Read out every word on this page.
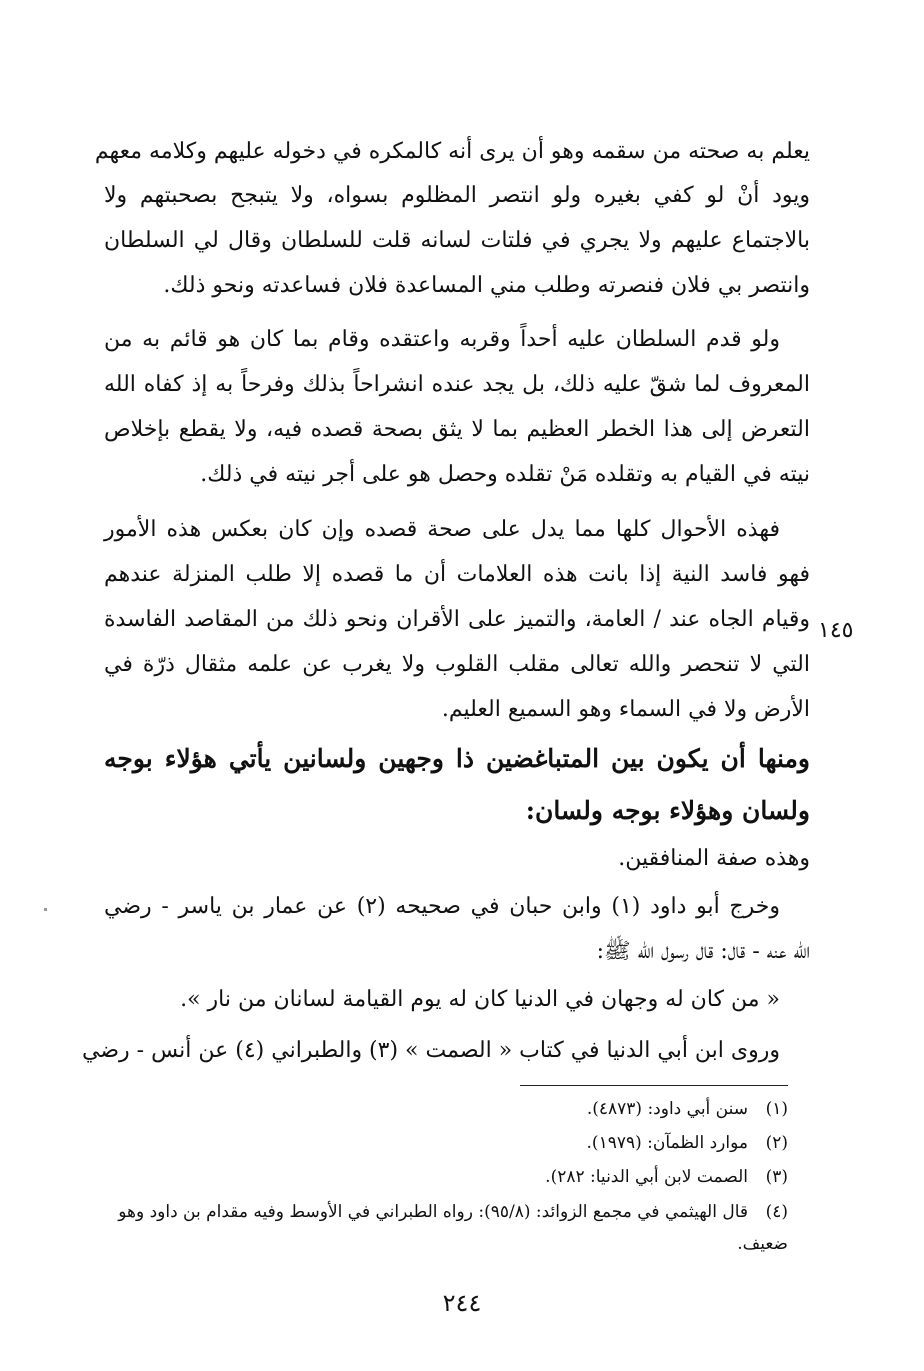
يعلم به صحته من سقمه وهو أن يرى أنه كالمكره في دخوله عليهم وكلامه معهم
ويود أنْ لو كفي بغيره ولو انتصر المظلوم بسواه، ولا يتبجح بصحبتهم ولا
بالاجتماع عليهم ولا يجري في فلتات لسانه قلت للسلطان وقال لي السلطان
وانتصر بي فلان فنصرته وطلب مني المساعدة فلان فساعدته ونحو ذلك.
ولو قدم السلطان عليه أحداً وقربه واعتقده وقام بما كان هو قائم به من
المعروف لما شقّ عليه ذلك، بل يجد عنده انشراحاً بذلك وفرحاً به إذ كفاه الله
التعرض إلى هذا الخطر العظيم بما لا يثق بصحة قصده فيه، ولا يقطع بإخلاص
نيته في القيام به وتقلده مَنْ تقلده وحصل هو على أجر نيته في ذلك.
فهذه الأحوال كلها مما يدل على صحة قصده وإن كان بعكس هذه الأمور
فهو فاسد النية إذا بانت هذه العلامات أن ما قصده إلا طلب المنزلة عندهم
وقيام الجاه عند / العامة، والتميز على الأقران ونحو ذلك من المقاصد الفاسدة
التي لا تنحصر والله تعالى مقلب القلوب ولا يغرب عن علمه مثقال ذرّة في
الأرض ولا في السماء وهو السميع العليم.
١٤٥
ومنها أن يكون بين المتباغضين ذا وجهين ولسانين يأتي هؤلاء بوجه
ولسان وهؤلاء بوجه ولسان:
وهذه صفة المنافقين.
وخرج أبو داود (١) وابن حبان في صحيحه (٢) عن عمار بن ياسر - رضي
الله عنه - قال: قال رسول الله ﷺ:
« من كان له وجهان في الدنيا كان له يوم القيامة لسانان من نار ».
وروى ابن أبي الدنيا في كتاب « الصمت » (٣) والطبراني (٤) عن أنس - رضي
(١)سنن أبي داود: (٤٨٧٣).
(٢)موارد الظمآن: (١٩٧٩).
(٣)الصمت لابن أبي الدنيا: ٢٨٢).
(٤)قال الهيثمي في مجمع الزوائد: (٩٥/٨): رواه الطبراني في الأوسط وفيه مقدام بن داود وهو
ضعيف.
٢٤٤
